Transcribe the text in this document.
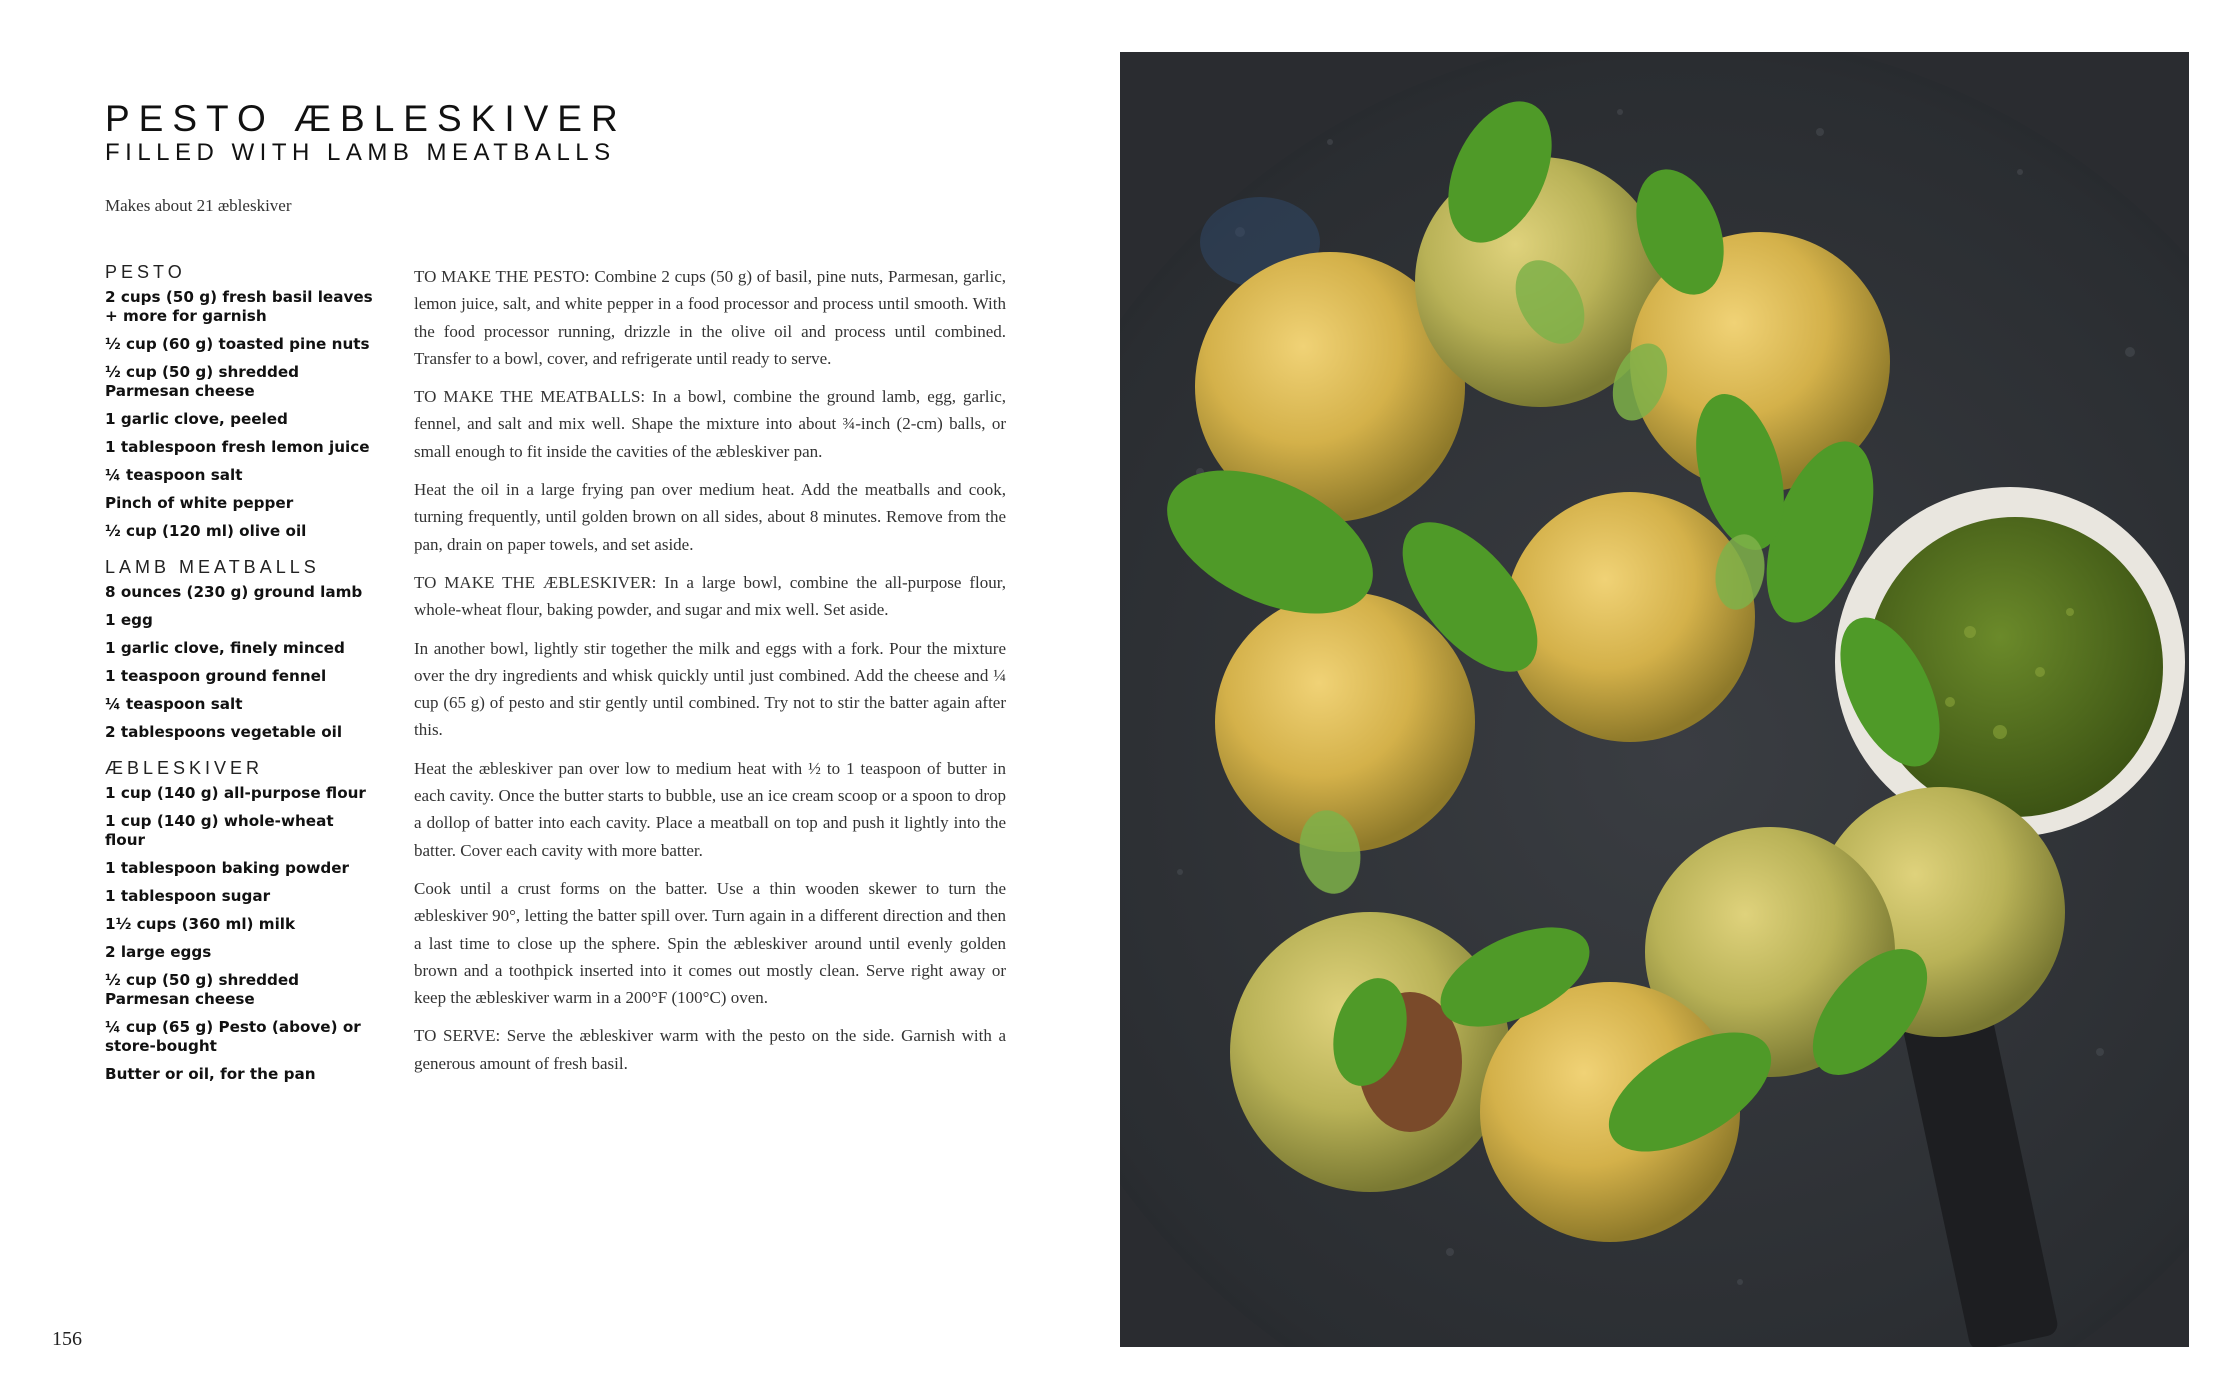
PESTO ÆBLESKIVER
FILLED WITH LAMB MEATBALLS
Makes about 21 æbleskiver
PESTO
2 cups (50 g) fresh basil leaves + more for garnish
½ cup (60 g) toasted pine nuts
½ cup (50 g) shredded Parmesan cheese
1 garlic clove, peeled
1 tablespoon fresh lemon juice
¼ teaspoon salt
Pinch of white pepper
½ cup (120 ml) olive oil
LAMB MEATBALLS
8 ounces (230 g) ground lamb
1 egg
1 garlic clove, finely minced
1 teaspoon ground fennel
¼ teaspoon salt
2 tablespoons vegetable oil
ÆBLESKIVER
1 cup (140 g) all-purpose flour
1 cup (140 g) whole-wheat flour
1 tablespoon baking powder
1 tablespoon sugar
1½ cups (360 ml) milk
2 large eggs
½ cup (50 g) shredded Parmesan cheese
¼ cup (65 g) Pesto (above) or store-bought
Butter or oil, for the pan

TO MAKE THE PESTO: Combine 2 cups (50 g) of basil, pine nuts, Parmesan, garlic, lemon juice, salt, and white pepper in a food processor and process until smooth. With the food processor running, drizzle in the olive oil and process until combined. Transfer to a bowl, cover, and refrigerate until ready to serve.

TO MAKE THE MEATBALLS: In a bowl, combine the ground lamb, egg, garlic, fennel, and salt and mix well. Shape the mixture into about ¾-inch (2-cm) balls, or small enough to fit inside the cavities of the æbleskiver pan.

Heat the oil in a large frying pan over medium heat. Add the meatballs and cook, turning frequently, until golden brown on all sides, about 8 minutes. Remove from the pan, drain on paper towels, and set aside.

TO MAKE THE ÆBLESKIVER: In a large bowl, combine the all-purpose flour, whole-wheat flour, baking powder, and sugar and mix well. Set aside.

In another bowl, lightly stir together the milk and eggs with a fork. Pour the mixture over the dry ingredients and whisk quickly until just combined. Add the cheese and ¼ cup (65 g) of pesto and stir gently until combined. Try not to stir the batter again after this.

Heat the æbleskiver pan over low to medium heat with ½ to 1 teaspoon of butter in each cavity. Once the butter starts to bubble, use an ice cream scoop or a spoon to drop a dollop of batter into each cavity. Place a meatball on top and push it lightly into the batter. Cover each cavity with more batter.

Cook until a crust forms on the batter. Use a thin wooden skewer to turn the æbleskiver 90°, letting the batter spill over. Turn again in a different direction and then a last time to close up the sphere. Spin the æbleskiver around until evenly golden brown and a toothpick inserted into it comes out mostly clean. Serve right away or keep the æbleskiver warm in a 200°F (100°C) oven.

TO SERVE: Serve the æbleskiver warm with the pesto on the side. Garnish with a generous amount of fresh basil.

156
